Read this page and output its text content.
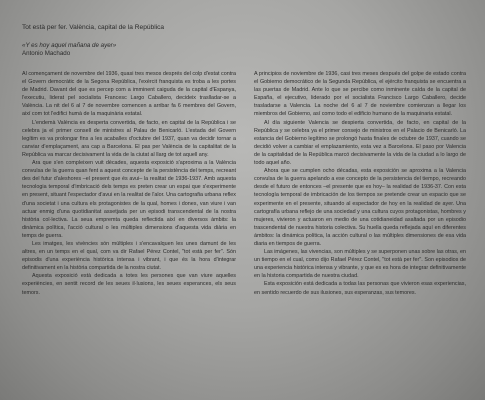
Tot està per fer. València, capital de la República

«Y es hoy aquel mañana de ayer»

Antonio Machado

Al començament de novembre del 1936, quasi tres mesos després del colp d'estat contra el Govern democràtic de la Segona República, l'exèrcit franquista es troba a les portes de Madrid. Davant del que es percep com a imminent caiguda de la capital d'Espanya, l'executiu, liderat pel socialista Francesc Largo Caballero, decideix traslladar-se a València. La nit del 6 al 7 de novembre comencen a arribar fa 6 membres del Govern, així com tot l'edifici humà de la maquinària estatal.

L'endemà València es desperta convertida, de facto, en capital de la República i se celebra ja el primer consell de ministres al Palau de Benicarló. L'estada del Govern legítim es va prolongar fins a les acaballes d'octubre del 1937, quan va decidir tornar a canviar d'emplaçament, ara cap a Barcelona. El pas per València de la capitalitat de la República va marcar decisivament la vida de la ciutat al llarg de tot aquell any.

Ara que s'en compleixen vuit dècades, aquesta exposició s'aproxima a la València convulsa de la guerra quan fent a aquest concepte de la persistència del temps, recreant des del futur d'aleshores –el present que és avui– la realitat de 1936-1937. Amb aquesta tecnologia temporal d'imbricació dels temps es preten crear un espai que s'experimente en present, situant l'espectador d'avui en la realitat de l'alor. Una cartografia urbana reflex d'una societat i una cultura els protagonistes de la qual, homes i dones, van viure i van actuar enmig d'una quotidianitat assetjada per un episodi transcendental de la nostra història col·lectiva. La seua empremta queda reflectida així en diversos àmbits: la dinàmica política, l'acció cultural o les múltiples dimensions d'aquesta vida diària en temps de guerra.

Les imatges, les vivències són múltiples i s'encavalquen les unes damunt de les altres, en un temps en el qual, com va dir Rafael Pérez Contel, "tot està per fer". Són episodis d'una experiència històrica intensa i vibrant, i que és la hora d'integrar definitivament en la història compartida de la nostra ciutat.

Aquesta exposició està dedicada a totes les persones que van viure aquelles experiències, en sentit record de les seues il·lusions, les seues esperances, els seus temors.

A principios de noviembre de 1936, casi tres meses después del golpe de estado contra el Gobierno democrático de la Segunda República, el ejército franquista se encuentra a las puertas de Madrid. Ante lo que se percibe como inminente caída de la capital de España, el ejecutivo, liderado por el socialista Francisco Largo Caballero, decide trasladarse a Valencia. La noche del 6 al 7 de noviembre comienzan a llegar los miembros del Gobierno, así como todo el edificio humano de la maquinaria estatal.

Al día siguiente Valencia se despierta convertida, de facto, en capital de la República y se celebra ya el primer consejo de ministros en el Palacio de Benicarló. La estancia del Gobierno legítimo se prolongó hasta finales de octubre de 1937, cuando se decidió volver a cambiar el emplazamiento, esta vez a Barcelona. El paso por Valencia de la capitalidad de la República marcó decisivamente la vida de la ciudad a lo largo de todo aquel año.

Ahora que se cumplen ocho décadas, esta exposición se aproxima a la Valencia convulsa de la guerra apelando a ese concepto de la persistencia del tiempo, recreando desde el futuro de entonces –el presente que es hoy– la realidad de 1936-37. Con esta tecnología temporal de imbricación de los tiempos se pretende crear un espacio que se experimente en el presente, situando al espectador de hoy en la realidad de ayer. Una cartografía urbana reflejo de una sociedad y una cultura cuyos protagonistas, hombres y mujeres, vivieron y actuaron en medio de una cotidianeidad asaltada por un episodio trascendental de nuestra historia colectiva. Su huella queda reflejada aquí en diferentes ámbitos: la dinámica política, la acción cultural o las múltiples dimensiones de esa vida diaria en tiempos de guerra.

Las imágenes, las vivencias, son múltiples y se superponen unas sobre las otras, en un tiempo en el cual, como dijo Rafael Pérez Contel, "tot està per fer". Son episodios de una experiencia histórica intensa y vibrante, y que es es hora de integrar definitivamente en la historia compartida de nuestra ciudad.

Esta exposición está dedicada a todas las personas que vivieron esas experiencias, en sentido recuerdo de sus ilusiones, sus esperanzas, sus temores.
